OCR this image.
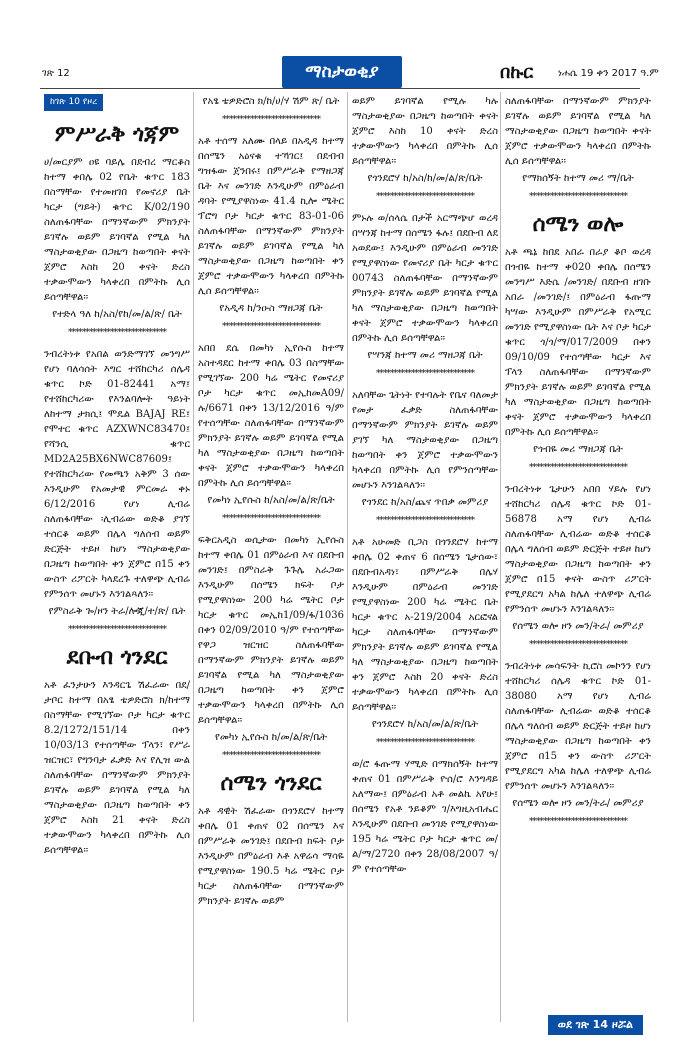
ገጽ 12	ማስታወቂያ	በኩር ነሐሴ 19 ቀን 2017 ዓ.ም
ከገጽ 10 የዞረ
ምሥራቅ ጎጃም

ሀ/መርያም ዐዩ ባይሌ በደብረ ማርቆስ ከተማ ቀበሌ 02 የቤት ቁጥር 183 በስማቸው የተመዘገበ የመኖሪያ ቤት ካርታ (ግይት) ቁጥር K/02/190 ስለጠፋባቸው በማንኛውም ምክንያት ይገኛሉ ወይም ይገባኛል የሚል ካለ ማስታወቂያው በጋዜጣ ከወጣበት ቀናት ጀምሮ እስከ 20 ቀናት ድረስ ተቃውሞውን ካላቀረበ በምትኩ ሊሰ ይሰጣቸዋል፡፡

የተድላ ዓለ ከ/አስ/የከ/መ/ል/ጽ/ ቤት

****************************

ንብረትነቱ የአበል ወንድማገኘ መንግሥ የሆነ ባለሳሰት እግር ተሸከርካሪ ሰሌዳ ቁጥር ኮድ 01-82441 አማ፤ የተሸከርካሪው የእንልባሎት ዓይነት ለከተማ ታክሲ፤ ሞዴል BAJAJ RE፤ የሞተር ቁጥር AZXWNC83470፤ የሻንሲ ቁጥር MD2A25BX6NWC87609፤ የተሸከርካሪው የመጫን አቅም 3 ሰው እንዲሁም የአመታዊ ምርመራ ቀኑ 6/12/2016 የሆነ ሊብሬ ስለጠፋባቸው ፡ሊብሬው ወድቆ ያገኘ ተሰርቆ ወይም በሌላ ግለሰብ ወይም ድርጅት ተይዞ ከሆነ ማስታወቂያው በጋዜጣ ከወጣበት ቀን ጀምሮ በ15 ቀን ውስጥ ሪፖርት ካላደረጉ ተለዋጭ ሊብሬ የምንሰጥ መሆኑን እንገልጻለን፡፡

የምስራቅ ጐ/ዞን ትራ/ሎጂ/ተ/ጽ/ ቤት

****************************

ደቡብ ጎንደር

አቶ ፈንታሁን እንዳርጌ ሽፈራው በደ/ታቦር ከተማ በአፄ ቴዎድሮስ ክ/ከተማ በስማቸው የሚገኘው ቦታ ካርታ ቁጥር 8.2/1272/151/14 በቀን 10/03/13 የተሰጣቸው ፕላን፣ የሥራ ዝርዝር፣ የግንባታ ፈቃድ እና የሊዝ ውል ስለጠፋባቸው በማንኛውም ምክንያት ይገኛሉ ወይም ይገባኛል የሚል ካለ ማስታወቂያው በጋዜጣ ከወጣበት ቀን ጀምሮ እስከ 21 ቀናት ድረስ ተቃውሞውን ካላቀረበ በምትኩ ሊሰ ይሰጣቸዋል፡፡

የአፄ ቴዎድሮስ ክ/ከ/ሀ/ሃ ሽም ጽ/ ቤት

****************************

አቶ ተሰማ አለሙ በላይ በአዲዳ ከተማ በሰሜን አዕናቁ ተኻገር፤ በደብብ ግዝፋው ጀንበሩ፤ በምሥራቅ የማዘጋጃ ቤት እና መንገድ እንዲሁም በምዕራብ ዳባት የሚያዋስነው 41.4 ኪሎ ሜትር ፕሮግ ቦታ ካርታ ቁጥር 83-01-06 ስለጠፋባቸው በማንኛውም ምክንያት ይገኛሉ ወይም ይገባኛል የሚል ካለ ማስታወቂያው በጋዜጣ ከወጣበት ቀን ጀምሮ ተቃውሞውን ካላቀረበ በምትኩ ሊሰ ይሰጣቸዋል፡፡

የአዲዳ ከ/ንዑስ ማዘጋጃ ቤት

****************************

አበበ ደሴ በመካነ ኢየሱስ ከተማ አስተዳደር ከተማ ቀበሌ 03 በስማቸው የሚገኘው 200 ካሬ ሜትር የመኖሪያ ቦታ ካርታ ቁጥር መኢከመA09/ሉ/6671 በቀን 13/12/2016 ዓ/ም የተሰጣቸው ስለጠፋባቸው በማንኛውም ምክንያት ይገኛሉ ወይም ይገባኛል የሚል ካለ ማስታወቂያው በጋዜጣ ከወጣበት ቀናት ጀምሮ ተቃውሞውን ካላቀረበ በምትኩ ሊሰ ይሰጣቸዋል፡፡

የመካነ ኢየሱስ ከ/አስ/መ/ል/ጽ/ቤት

****************************

ፍቅርአዲስ ወሲታው በመካነ ኢየሱስ ከተማ ቀበሌ 01 በምዕራብ እና በደቡብ መንገድ፤ በምስራቅ ጉጉሌ አራጋው እንዲሁም በሰሜን ክፍት ቦታ የሚያዋስነው 200 ካሬ ሜትር ቦታ ካርታ ቁጥር መኢከ1/09/ፋ/1036 በቀን 02/09/2010 ዓ/ም የተሰጣቸው የዋጋ ዝርዝር ስለጠፋባቸው በማንኛውም ምክንያት ይገኛሉ ወይም ይገባኛል የሚል ካለ ማስታወቂያው በጋዜጣ ከወጣበት ቀን ጀምሮ ተቃውሞውን ካላቀረበ በምትኩ ሊሰ ይሰጣቸዋል፡፡

የመካነ ኢየሱስ ከ/መ/ል/ጽ/ቤት

****************************

ሰሜን ጎንደር

አቶ ዳዊት ሽፈራው በጎንደሮሃ ከተማ ቀበሌ 01 ቀጠና 02 በሰሜን እና በምሥራቅ መንገድ፤ በደቡብ ክፍት ቦታ እንዲሁም በምዕራብ እቶ አዋሬሳ ማሳዬ የሚያዋስነው 190.5 ካሬ ሜትር ቦታ ካርታ ስለጠፋባቸው በማንኛውም ምክንያት ይገኛሉ ወይም

ወይም ይገባኛል የሚሉ ካሉ ማስታወቂያው በጋዜጣ ከወጣበት ቀናት ጀምሮ እስከ 10 ቀናት ድረስ ተቃውሞውን ካላቀረበ በምትኩ ሊሰ ይሰጣቸዋል፡፡

የጎንደሮሃ ከ/አስ/ከ/መ/ል/ጽ/ቤት

****************************

ምኑሉ ወ/ሰላሴ በታች አርማጭሆ ወረዳ በሣንጃ ከተማ በሰሜን ፋሉ፤ በደቡብ ለደ አወደው፤ እንዲሁም በምዕራብ መንገድ የሚያዋስነው የመኖሪያ ቤት ካርታ ቁጥር 00743 ስለጠፋባቸው በማንኛውም ምክንያት ይገኛሉ ወይም ይገባኛል የሚል ካለ ማስታወቂያው በጋዜጣ ከወጣበት ቀናት ጀምሮ ተቃውሞውን ካላቀረበ በምትኩ ሊሰ ይሰጣቸዋል፡፡

የሣንጃ ከተማ መሪ ማዘጋጃ ቤት

****************************

አለባቸው ጌትነት የተባሉት የቤና ባለመታ የመታ ፈቃድ ስለጠፋባቸው በማንኛውም ምክንያት ይገኛሉ ወይም ያገኘ ካለ ማስታወቂያው በጋዜጣ ከወጣበት ቀን ጀምሮ ተቃውሞውን ካላቀረበ በምትኩ ሊሰ የምንሰጣቸው መሆኑን እንገልጻለን፡፡

የጎንደር ከ/አስ/ጨና ጥበቃ መምሪያ

****************************

አቶ አሁመድ ቢጋስ በጎንደሮሃ ከተማ ቀበሌ 02 ቀጠና 6 በሰሜን ጌታሰው፣ በደቡብአዳነ፣ በምሥራቅ በሌሃ እንዲሁም በምዕራብ መንገድ የሚያዋስነው 200 ካሬ ሜትር ቤት ካርታ ቁጥር አ-219/2004 አርፎናል ካርታ ስለጠፋባቸው በማንኛውም ምክንያት ይገኛሉ ወይም ይገባኛል የሚል ካለ ማስታወቂያው በጋዜጣ ከወጣበት ቀን ጀምሮ እስከ 20 ቀናት ድረስ ተቃውሞውን ካላቀረበ በምትኩ ሊሰ ይሰጣቸዋል፡፡

የጎንደሮሃ ከ/አስ/መ/ል/ጽ/ቤት

****************************

ወ/ሮ ፋጡማ ሃሚድ በማክሰኝት ከተማ ቀጠና 01 በምሥራቅ ዮሰ/ሮ እንግዳይ አለማው፤ በምዕራብ አቶ መልኬ አየሁ፤ በሰሜን የአቶ ንይቆም ገ/እግዚአብሔር እንዲሁም በደቡብ መንገድ የሚያዋስነው 195 ካሬ ሜትር ቦታ ካርታ ቁጥር መ/ል/ማ/2720 በቀን 28/08/2007 ዓ/ም የተሰጣቸው

ስለጠፋባቸው በማንኛውም ምክንያት ይገኛሉ ወይም ይገባኛል የሚል ካለ ማስታወቂያው በጋዜጣ ከወጣበት ቀናት ጀምሮ ተቃውሞውን ካላቀረበ በምትኩ ሊሰ ይሰጣቸዋል፡፡

የማክሰኝት ከተማ መሪ ማ/ቤት

****************************

ሰሜን ወሎ

አቶ ጫኔ ከበደ አበራ በራያ ቆቦ ወረዳ በጎብዬ ከተማ ቀ020 ቀበሌ በሰሜን መንግሥ እድሴ /መንገድ/ በደቡብ ዘገቡ አበራ /መንገድ/፤ በምዕራብ ፋጡማ ካሣው እንዲሁም በምሥራቅ የአሚር መንገድ የሚያዋስነው ቤት እና ቦታ ካርታ ቁጥር ጎ/ጎ/ማ/017/2009 በቀን 09/10/09 የተሰጣቸው ካርታ እና ፕላን ስለጠፋባቸው በማንኛውም ምክንያት ይገኛሉ ወይም ይገባኛል የሚል ካለ ማስታወቂያው በጋዜጣ ከወጣበት ቀናት ጀምሮ ተቃውሞውን ካላቀረበ በምትኩ ሊሰ ይሰጣቸዋል፡፡

የጎብዬ መሪ ማዘጋጃ ቤት

****************************

ንብረትነቱ ጌታሁን አበበ ሃይሉ የሆነ ተሸከርካሪ ሰሌዳ ቁጥር ኮድ 01-56878 አማ የሆነ ሊብሬ ስለጠፋባቸው ሊብሬው ወድቆ ተሰርቆ በሌላ ግለሰብ ወይም ድርጅት ተይዞ ከሆነ ማስታወቂያው በጋዜጣ ከወጣበት ቀን ጀምሮ በ15 ቀናት ውስጥ ሪፖርት የሚያደርግ አካል ከሌለ ተለዋጭ ሊብሬ የምንሰጥ መሆኑን እንገልጻለን፡፡

የሰሜን ወሎ ዞን መን/ትራ/ መምሪያ

****************************

ንብረትነቱ መሳፍንት ኪሮስ መኮንን የሆነ ተሸከርካሪ ሰሌዳ ቁጥር ኮድ 01-38080 አማ የሆነ ሊብሬ ስለጠፋባቸው ሊብሬው ወድቆ ተሰርቆ በሌላ ግለሰብ ወይም ድርጅት ተይዞ ከሆነ ማስታወቂያው በጋዜጣ ከወጣበት ቀን ጀምሮ በ15 ቀን ውስጥ ሪፖርት የሚያደርግ አካል ከሌለ ተለዋጭ ሊብሬ የምንሰጥ መሆኑን እንገልጻለን፡፡

የሰሜን ወሎ ዞን መን/ትራ/ መምሪያ

****************************

ወደ ገጽ 14 ዞሯል
